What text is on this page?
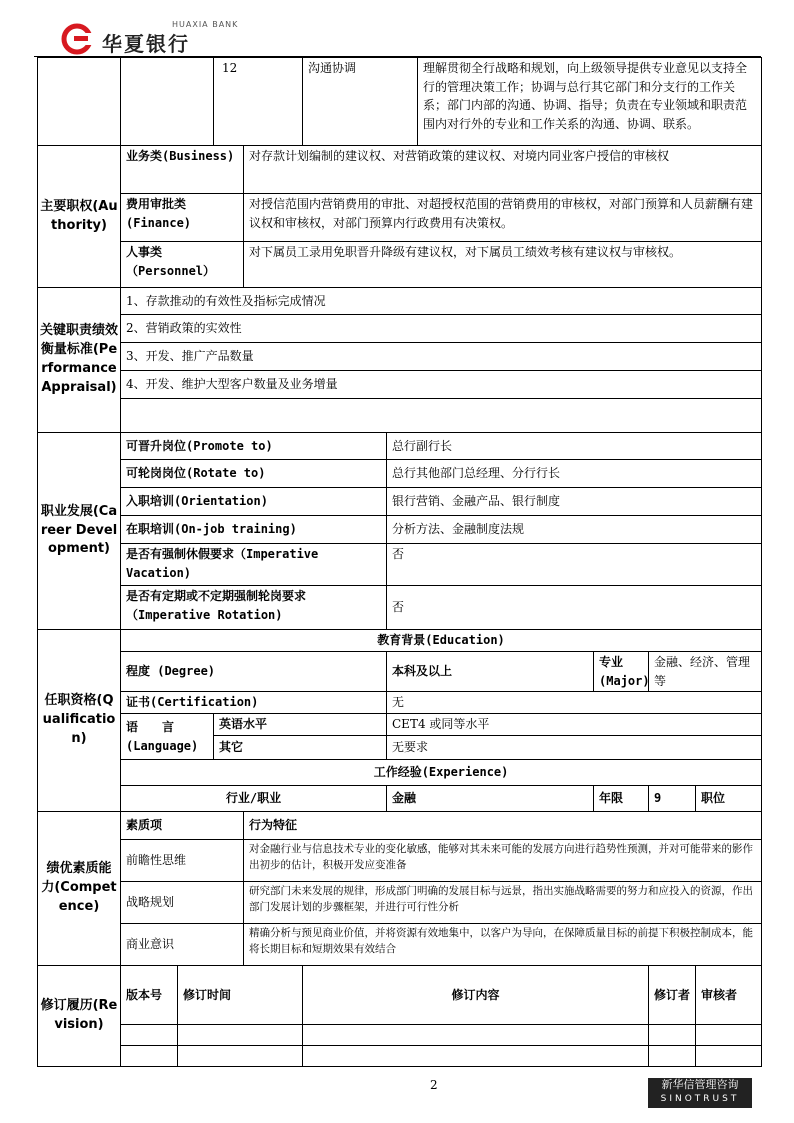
HUAXIA BANK
华夏银行
			12		沟通协调		理解贯彻全行战略和规划，向上级领导提供专业意见以支持全行的管理决策工作；协调与总行其它部门和分支行的工作关系；部门内部的沟通、协调、指导；负责在专业领域和职责范围内对行外的专业和工作关系的沟通、协调、联系。				
主要职权(Authority)	业务类(Business)			对存款计划编制的建议权、对营销政策的建议权、对境内同业客户授信的审核权							
	费用审批类(Finance)			对授信范围内营销费用的审批、对超授权范围的营销费用的审核权，对部门预算和人员薪酬有建议权和审核权，对部门预算内行政费用有决策权。							
	人事类（Personnel）			对下属员工录用免职晋升降级有建议权，对下属员工绩效考核有建议权与审核权。							
关键职责绩效衡量标准(Performance Appraisal)	1、存款推动的有效性及指标完成情况										
	2、营销政策的实效性										
	3、开发、推广产品数量										
	4、开发、维护大型客户数量及业务增量										

职业发展(Career Development)	可晋升岗位(Promote to)					总行副行长					
	可轮岗岗位(Rotate to)					总行其他部门总经理、分行行长					
	入职培训(Orientation)					银行营销、金融产品、银行制度					
	在职培训(On-job training)					分析方法、金融制度法规					
	是否有强制休假要求（Imperative Vacation)					否					
	是否有定期或不定期强制轮岗要求（Imperative Rotation)					否					
任职资格(Qualification)	教育背景(Education)										
	程度 (Degree)					本科及以上		专业(Major)	金融、经济、管理等		
	证书(Certification)					无					
	语　　言(Language)		英语水平			CET4 或同等水平					
			其它			无要求					
	工作经验(Experience)										
	行业/职业					金融		年限	9	职位	
绩优素质能　　力(Competence)	素质项			行为特征							
	前瞻性思维			对金融行业与信息技术专业的变化敏感，能够对其未来可能的发展方向进行趋势性预测，并对可能带来的影作出初步的估计，积极开发应变准备							
	战略规划			研究部门未来发展的规律，形成部门明确的发展目标与远景，指出实施战略需要的努力和应投入的资源，作出部门发展计划的步骤框架，并进行可行性分析							
	商业意识			精确分析与预见商业价值，并将资源有效地集中，以客户为导向，在保障质量目标的前提下积极控制成本，能将长期目标和短期效果有效结合							
修订履历(Revision)	版本号	修订时间			修订内容				修订者	审核者	

2	新华信管理咨询
SINOTRUST
